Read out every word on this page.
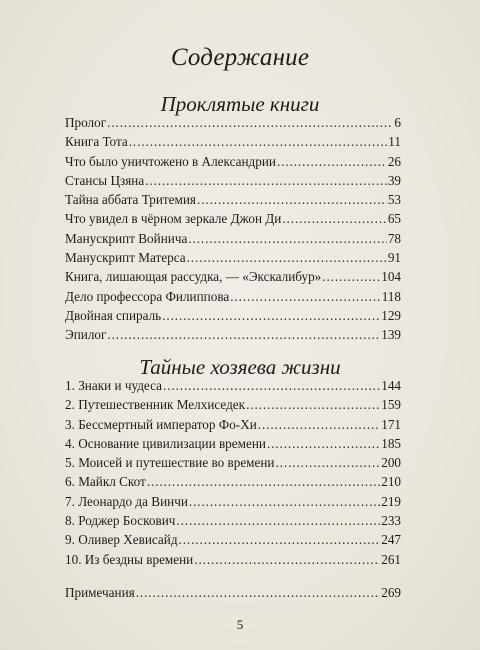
Содержание
Проклятые книги
Пролог . . .	6
Книга Тота . . .	11
Что было уничтожено в Александрии . . .	26
Стансы Цзяна . . .	39
Тайна аббата Тритемия . . .	53
Что увидел в чёрном зеркале Джон Ди . . .	65
Манускрипт Войнича . . .	78
Манускрипт Матерса . . .	91
Книга, лишающая рассудка, — «Экскалибур» . . .	104
Дело профессора Филиппова . . .	118
Двойная спираль . . .	129
Эпилог . . .	139
Тайные хозяева жизни
1. Знаки и чудеса . . .	144
2. Путешественник Мелхиседек . . .	159
3. Бессмертный император Фо-Хи . . .	171
4. Основание цивилизации времени . . .	185
5. Моисей и путешествие во времени . . .	200
6. Майкл Скот . . .	210
7. Леонардо да Винчи . . .	219
8. Роджер Боскович . . .	233
9. Оливер Хевисайд . . .	247
10. Из бездны времени . . .	261
Примечания . . .	269
5
